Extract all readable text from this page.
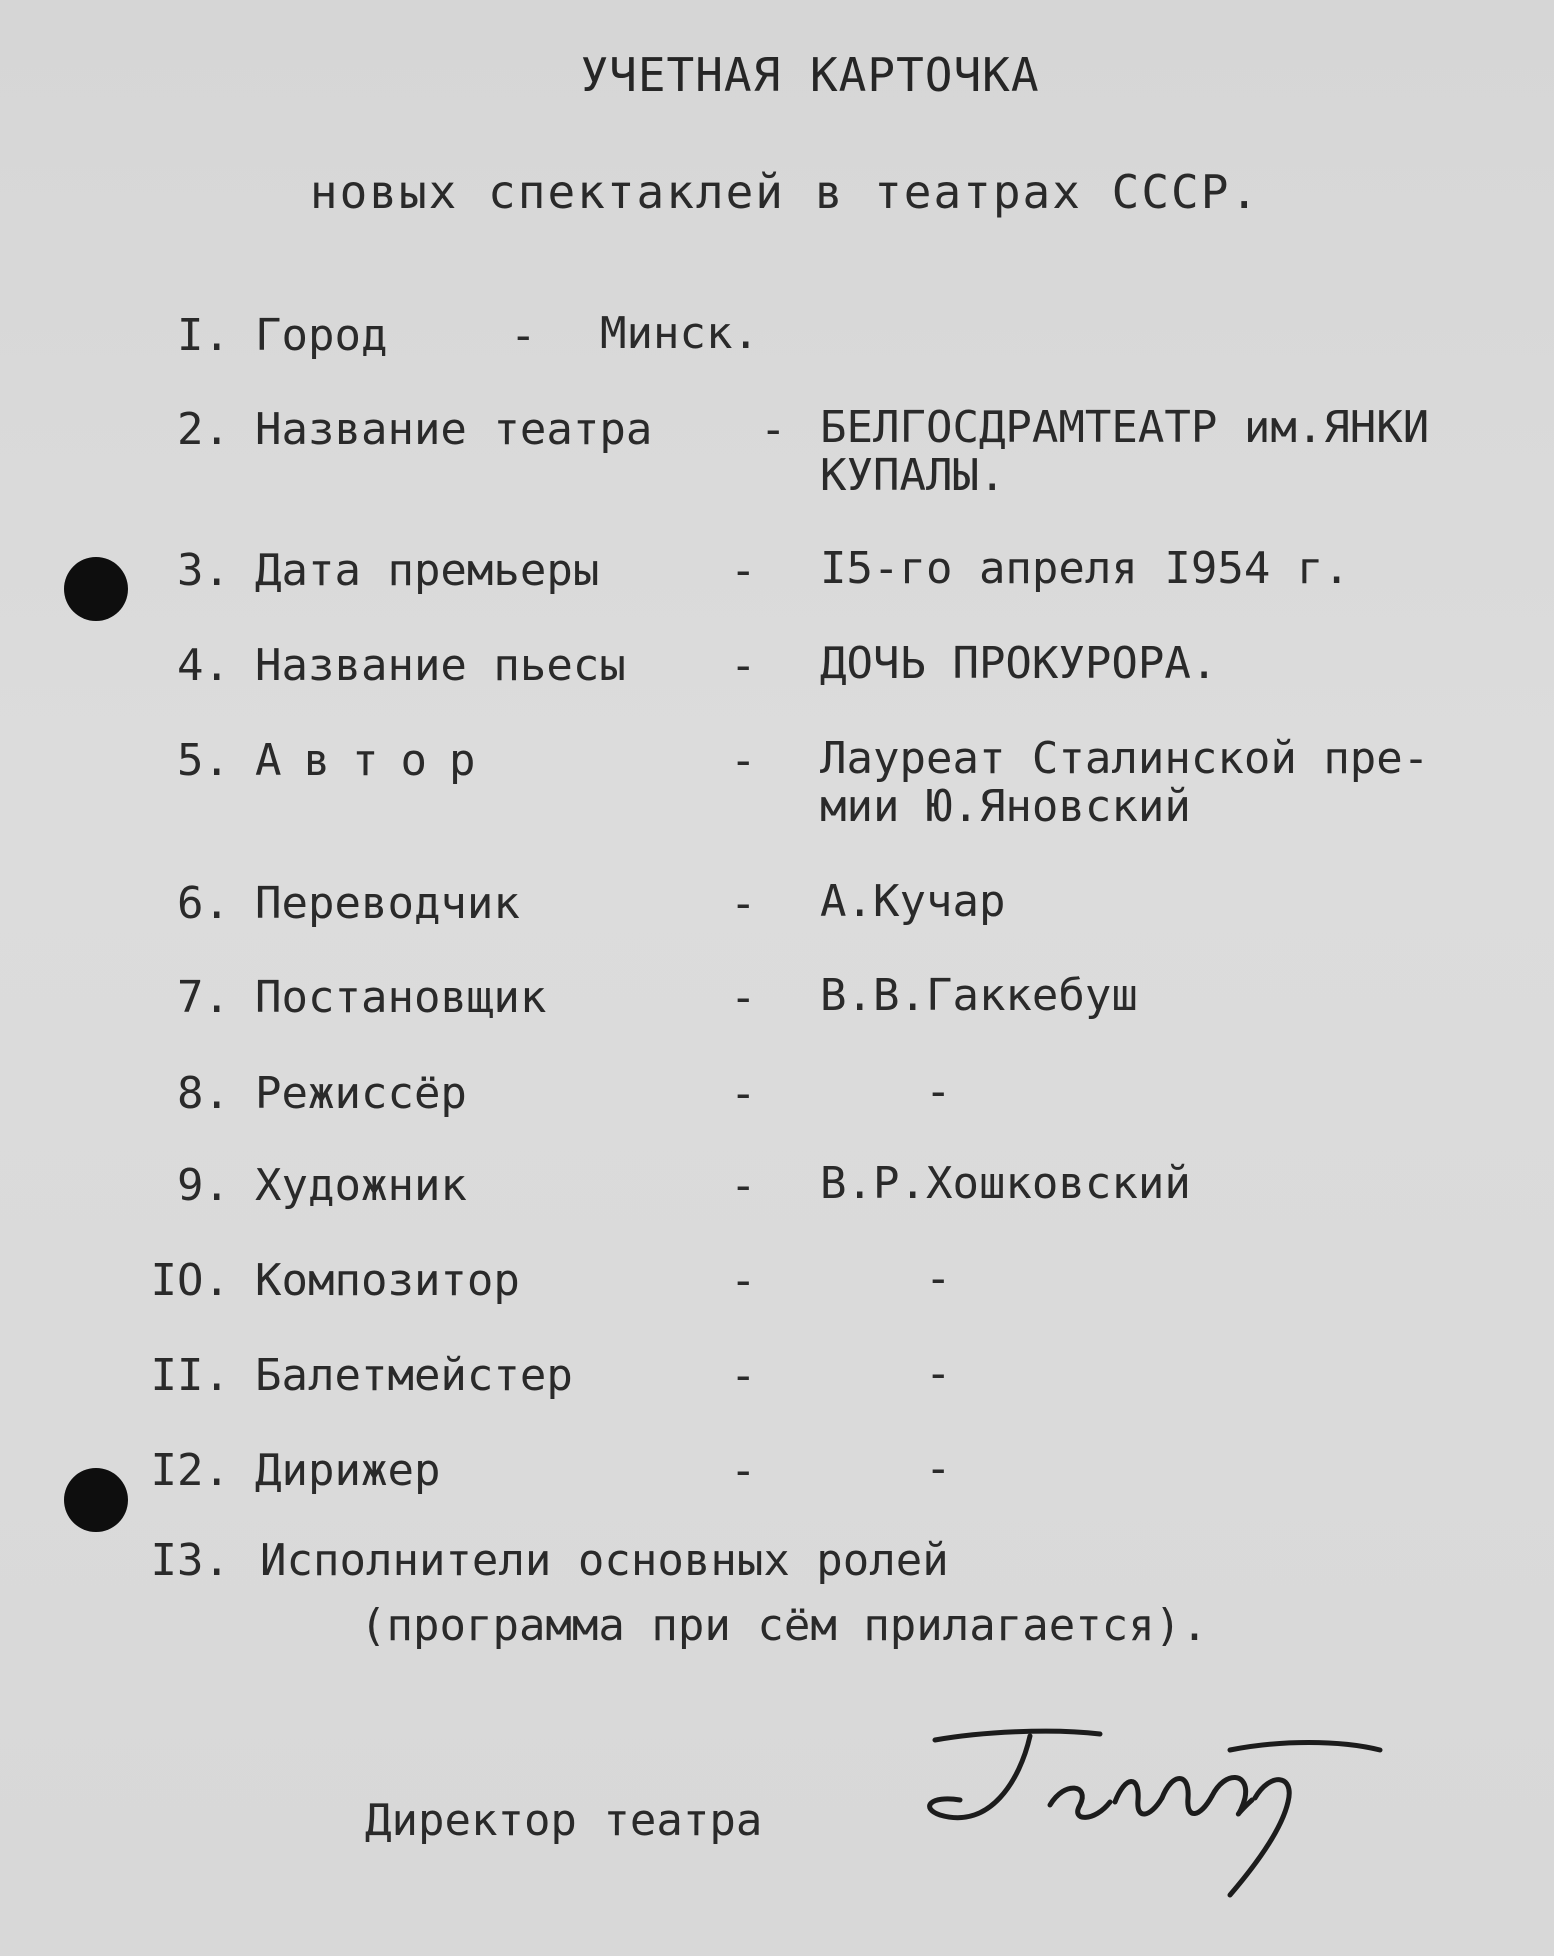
УЧЕТНАЯ КАРТОЧКА
новых спектаклей в театрах СССР.
I. Город	- Минск.
2. Название театра - БЕЛГОСДРАМТЕАТР им.ЯНКИ
КУПАЛЫ.
3. Дата премьеры	- I5-го апреля I954 г.
4. Название пьесы - ДОЧЬ ПРОКУРОРА.
5. Автор	- Лауреат Сталинской пре-
мии Ю.Яновский
6. Переводчик	- А.Кучар
7. Постановщик	- В.В.Гаккебуш
8. Режиссёр	-	-
9. Художник	- В.Р.Хошковский
IO. Композитор	-	-
II. Балетмейстер	-	-
I2. Дирижер	-	-
I3. Исполнители основных ролей
(программа при сём прилагается).
Директор театра
